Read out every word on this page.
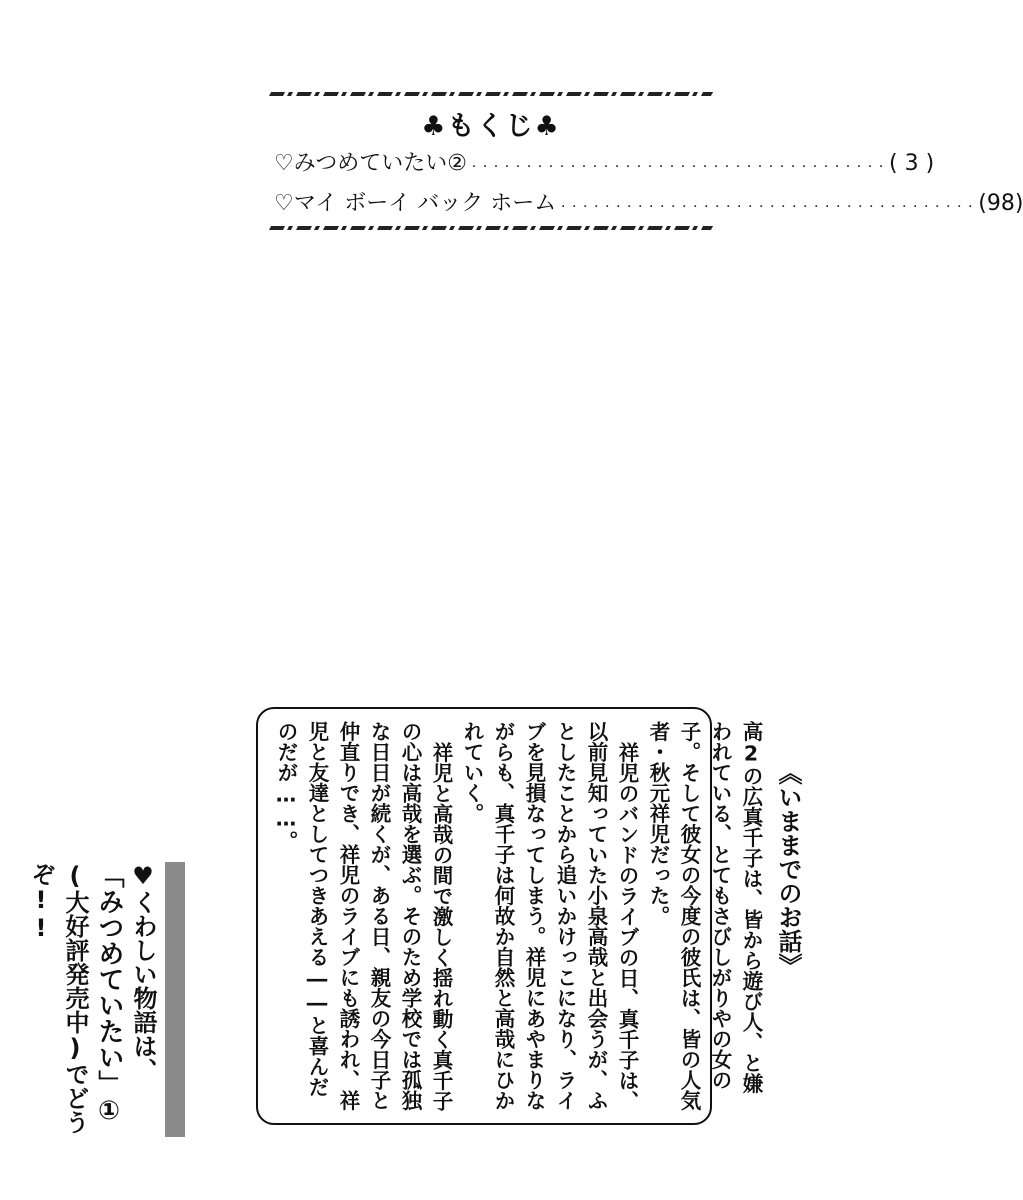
♣もくじ♣
♡ みつめていたい② ・・・・・・・・・・・・・・・・・・・・・・・・・・・・・・・・・・・・・・	( 3 )
♡ マイ ボーイ バック ホーム ・・・・・・・・・・・・・・・・・・・・・・・・・・・・・・・・・・・・・・	(98)
《いままでのお話》

高2の広真千子は、皆から遊び人、と嫌われている、とてもさびしがりやの女の子。そして彼女の今度の彼氏は、皆の人気者・秋元祥児だった。

祥児のバンドのライブの日、真千子は、以前見知っていた小泉高哉と出会うが、ふとしたことから追いかけっこになり、ライブを見損なってしまう。祥児にあやまりながらも、真千子は何故か自然と高哉にひかれていく。

祥児と高哉の間で激しく揺れ動く真千子の心は高哉を選ぶ。そのため学校では孤独な日日が続くが、ある日、親友の今日子と仲直りでき、祥児のライブにも誘われ、祥児と友達としてつきあえる――と喜んだのだが……。

♥くわしい物語は、
「みつめていたい」①
(大好評発売中)でどうぞ!!
